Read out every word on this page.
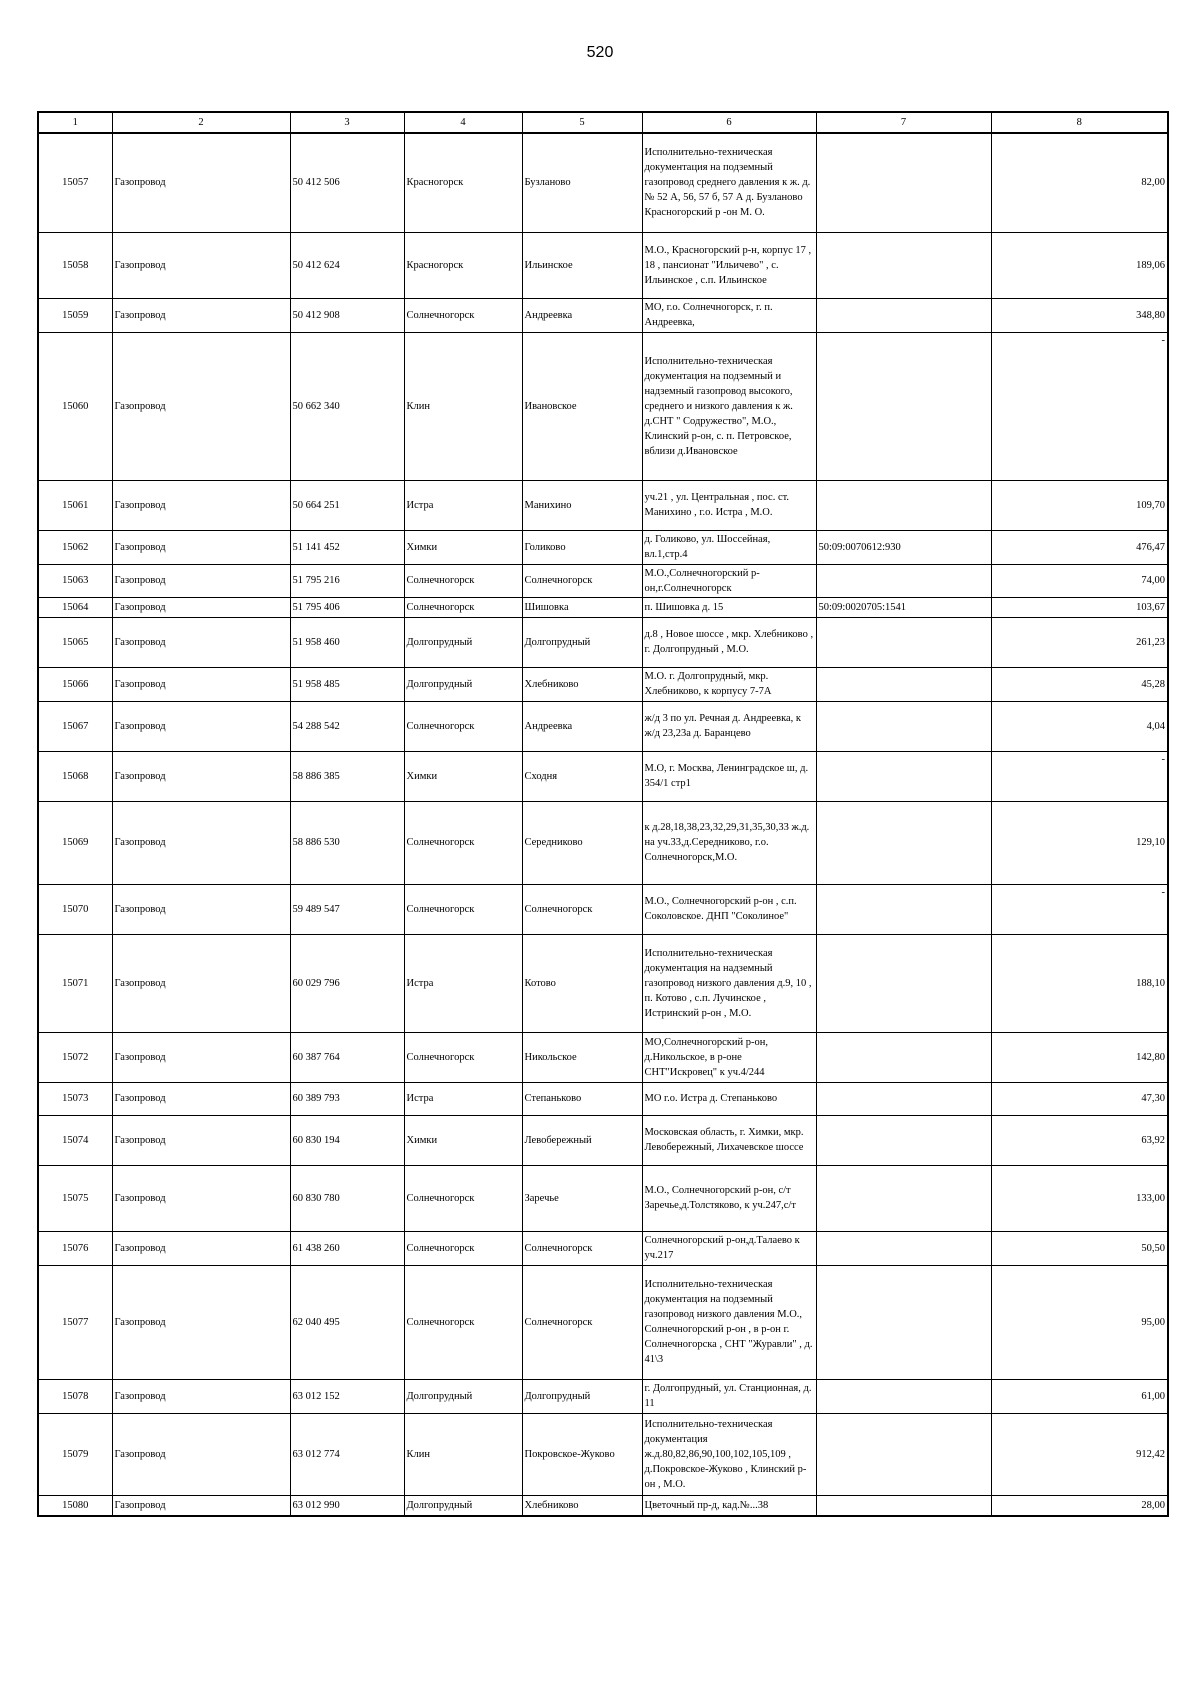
520
1	2	3	4	5	6	7	8
15057	Газопровод	50 412 506	Красногорск	Бузланово	Исполнительно-техническая документация на подземный газопровод среднего давления к ж. д. № 52 А, 56, 57 б, 57 А д. Бузланово Красногорский р -он М. О.		82,00
15058	Газопровод	50 412 624	Красногорск	Ильинское	М.О., Красногорский р-н, корпус 17 , 18 , пансионат "Ильичево" , с. Ильинское , с.п. Ильинское		189,06
15059	Газопровод	50 412 908	Солнечногорск	Андреевка	МО, г.о. Солнечногорск, г. п. Андреевка,		348,80
15060	Газопровод	50 662 340	Клин	Ивановское	Исполнительно-техническая документация на подземный и надземный газопровод высокого, среднего и низкого давления к ж. д.СНТ " Содружество", М.О., Клинский р-он, с. п. Петровское, вблизи д.Ивановское		-
15061	Газопровод	50 664 251	Истра	Манихино	уч.21 , ул. Центральная , пос. ст. Манихино , г.о. Истра , М.О.		109,70
15062	Газопровод	51 141 452	Химки	Голиково	д. Голиково, ул. Шоссейная, вл.1,стр.4	50:09:0070612:930	476,47
15063	Газопровод	51 795 216	Солнечногорск	Солнечногорск	М.О.,Солнечногорский р-он,г.Солнечногорск		74,00
15064	Газопровод	51 795 406	Солнечногорск	Шишовка	п. Шишовка д. 15	50:09:0020705:1541	103,67
15065	Газопровод	51 958 460	Долгопрудный	Долгопрудный	д.8 , Новое шоссе , мкр. Хлебниково , г. Долгопрудный , М.О.		261,23
15066	Газопровод	51 958 485	Долгопрудный	Хлебниково	М.О. г. Долгопрудный, мкр. Хлебниково, к корпусу 7-7А		45,28
15067	Газопровод	54 288 542	Солнечногорск	Андреевка	ж/д 3 по ул. Речная д. Андреевка, к ж/д 23,23а д. Баранцево		4,04
15068	Газопровод	58 886 385	Химки	Сходня	М.О, г. Москва, Ленинградское ш, д. 354/1 стр1		-
15069	Газопровод	58 886 530	Солнечногорск	Середниково	к д.28,18,38,23,32,29,31,35,30,33 ж.д. на уч.33,д.Середниково, г.о. Солнечногорск,М.О.		129,10
15070	Газопровод	59 489 547	Солнечногорск	Солнечногорск	М.О., Солнечногорский р-он , с.п. Соколовское. ДНП "Соколиное"		-
15071	Газопровод	60 029 796	Истра	Котово	Исполнительно-техническая документация на надземный газопровод низкого давления д.9, 10 , п. Котово , с.п. Лучинское , Истринский р-он , М.О.		188,10
15072	Газопровод	60 387 764	Солнечногорск	Никольское	МО,Солнечногорский р-он, д.Никольское, в р-оне СНТ"Искровец" к уч.4/244		142,80
15073	Газопровод	60 389 793	Истра	Степаньково	МО г.о. Истра д. Степаньково		47,30
15074	Газопровод	60 830 194	Химки	Левобережный	Московская область, г. Химки, мкр. Левобережный, Лихачевское шоссе		63,92
15075	Газопровод	60 830 780	Солнечногорск	Заречье	М.О., Солнечногорский р-он, с/т Заречье,д.Толстяково, к уч.247,с/т		133,00
15076	Газопровод	61 438 260	Солнечногорск	Солнечногорск	Солнечногорский р-он,д.Талаево к уч.217		50,50
15077	Газопровод	62 040 495	Солнечногорск	Солнечногорск	Исполнительно-техническая документация на подземный газопровод низкого давления М.О., Солнечногорский р-он , в р-он г. Солнечногорска , СНТ "Журавли" , д. 41\3		95,00
15078	Газопровод	63 012 152	Долгопрудный	Долгопрудный	г. Долгопрудный, ул. Станционная, д. 11		61,00
15079	Газопровод	63 012 774	Клин	Покровское-Жуково	Исполнительно-техническая документация ж.д.80,82,86,90,100,102,105,109 , д.Покровское-Жуково , Клинский р-он , М.О.		912,42
15080	Газопровод	63 012 990	Долгопрудный	Хлебниково	Цветочный пр-д, кад.№...38		28,00
